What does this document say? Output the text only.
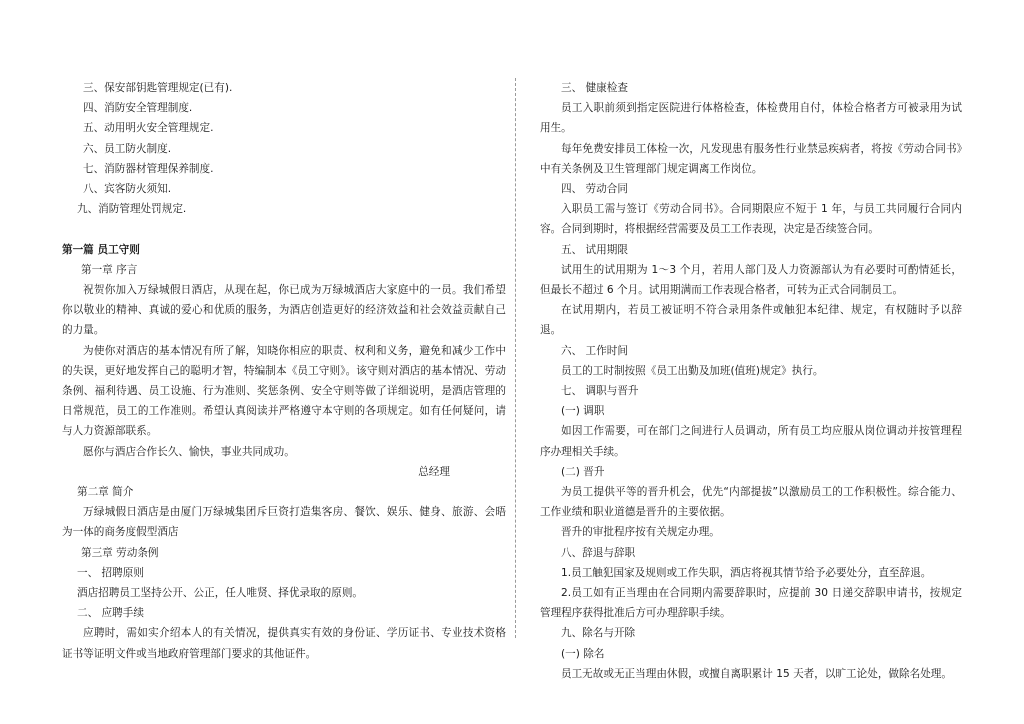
三、保安部钥匙管理规定(已有).
四、消防安全管理制度.
五、动用明火安全管理规定.
六、员工防火制度.
七、消防器材管理保养制度.
八、宾客防火须知.
九、消防管理处罚规定.
第一篇 员工守则
第一章 序言
祝贺你加入万绿城假日酒店，从现在起，你已成为万绿城酒店大家庭中的一员。我们希望你以敬业的精神、真诚的爱心和优质的服务，为酒店创造更好的经济效益和社会效益贡献自己的力量。
为使你对酒店的基本情况有所了解，知晓你相应的职责、权利和义务，避免和减少工作中的失误，更好地发挥自己的聪明才智，特编制本《员工守则》。该守则对酒店的基本情况、劳动条例、福利待遇、员工设施、行为准则、奖惩条例、安全守则等做了详细说明，是酒店管理的日常规范，员工的工作准则。希望认真阅读并严格遵守本守则的各项规定。如有任何疑问，请与人力资源部联系。
愿你与酒店合作长久、愉快，事业共同成功。
总经理
第二章 简介
万绿城假日酒店是由厦门万绿城集团斥巨资打造集客房、餐饮、娱乐、健身、旅游、会晤为一体的商务度假型酒店
第三章 劳动条例
一、 招聘原则
酒店招聘员工坚持公开、公正，任人唯贤、择优录取的原则。
二、 应聘手续
应聘时，需如实介绍本人的有关情况，提供真实有效的身份证、学历证书、专业技术资格证书等证明文件或当地政府管理部门要求的其他证件。
三、 健康检查
员工入职前须到指定医院进行体格检查，体检费用自付，体检合格者方可被录用为试用生。
每年免费安排员工体检一次，凡发现患有服务性行业禁忌疾病者，将按《劳动合同书》中有关条例及卫生管理部门规定调离工作岗位。
四、 劳动合同
入职员工需与签订《劳动合同书》。合同期限应不短于 1 年，与员工共同履行合同内容。合同到期时，将根据经营需要及员工工作表现，决定是否续签合同。
五、 试用期限
试用生的试用期为 1～3 个月，若用人部门及人力资源部认为有必要时可酌情延长，但最长不超过 6 个月。试用期满而工作表现合格者，可转为正式合同制员工。
在试用期内，若员工被证明不符合录用条件或触犯本纪律、规定，有权随时予以辞退。
六、 工作时间
员工的工时制按照《员工出勤及加班(值班)规定》执行。
七、 调职与晋升
(一) 调职
如因工作需要，可在部门之间进行人员调动，所有员工均应服从岗位调动并按管理程序办理相关手续。
(二) 晋升
为员工提供平等的晋升机会，优先“内部提拔”以激励员工的工作积极性。综合能力、工作业绩和职业道德是晋升的主要依据。
晋升的审批程序按有关规定办理。
八、辞退与辞职
1.员工触犯国家及规则或工作失职，酒店将视其情节给予必要处分，直至辞退。
2.员工如有正当理由在合同期内需要辞职时，应提前 30 日递交辞职申请书，按规定管理程序获得批准后方可办理辞职手续。
九、除名与开除
(一) 除名
员工无故或无正当理由休假，或擅自离职累计 15 天者，以旷工论处，做除名处理。
